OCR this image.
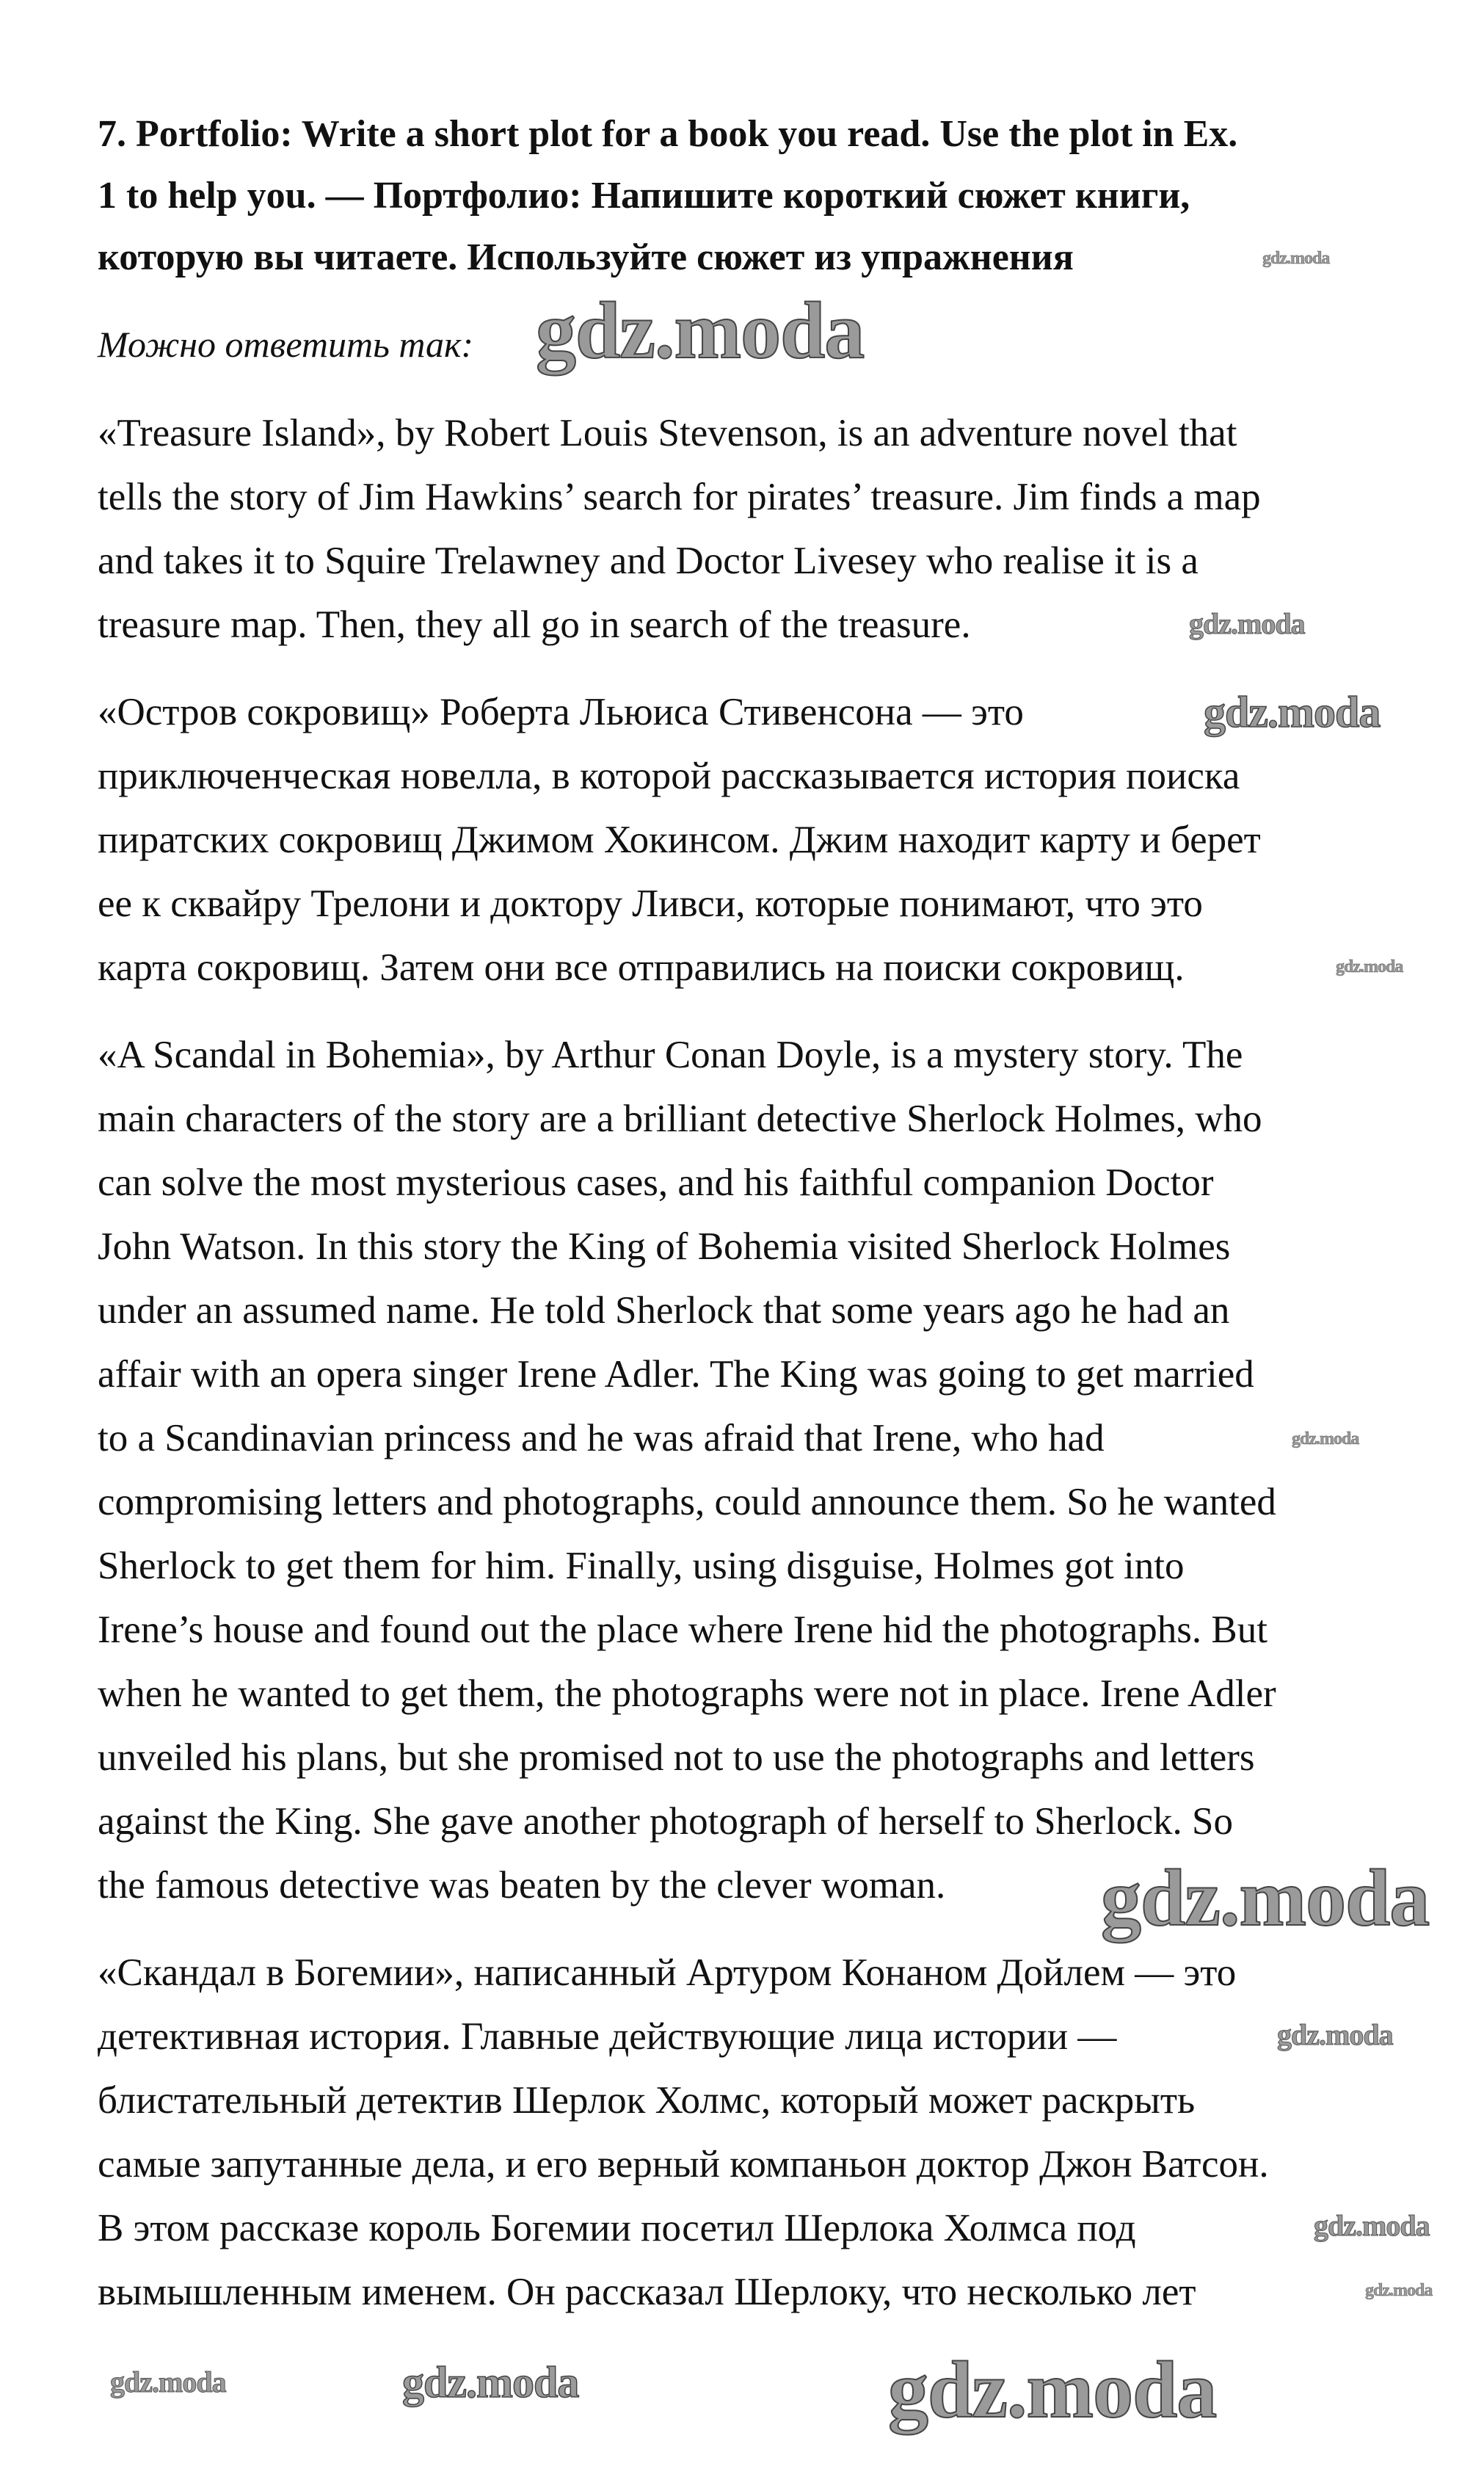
7. Portfolio: Write a short plot for a book you read. Use the plot in Ex.
1 to help you. — Портфолио: Напишите короткий сюжет книги,
которую вы читаете. Используйте сюжет из упражнения
Можно ответить так:
«Treasure Island», by Robert Louis Stevenson, is an adventure novel that
tells the story of Jim Hawkins’ search for pirates’ treasure. Jim finds a map
and takes it to Squire Trelawney and Doctor Livesey who realise it is a
treasure map. Then, they all go in search of the treasure.
«Остров сокровищ» Роберта Льюиса Стивенсона — это
приключенческая новелла, в которой рассказывается история поиска
пиратских сокровищ Джимом Хокинсом. Джим находит карту и берет
ее к сквайру Трелони и доктору Ливси, которые понимают, что это
карта сокровищ. Затем они все отправились на поиски сокровищ.
«A Scandal in Bohemia», by Arthur Conan Doyle, is a mystery story. The
main characters of the story are a brilliant detective Sherlock Holmes, who
can solve the most mysterious cases, and his faithful companion Doctor
John Watson. In this story the King of Bohemia visited Sherlock Holmes
under an assumed name. He told Sherlock that some years ago he had an
affair with an opera singer Irene Adler. The King was going to get married
to a Scandinavian princess and he was afraid that Irene, who had
compromising letters and photographs, could announce them. So he wanted
Sherlock to get them for him. Finally, using disguise, Holmes got into
Irene’s house and found out the place where Irene hid the photographs. But
when he wanted to get them, the photographs were not in place. Irene Adler
unveiled his plans, but she promised not to use the photographs and letters
against the King. She gave another photograph of herself to Sherlock. So
the famous detective was beaten by the clever woman.
«Скандал в Богемии», написанный Артуром Конаном Дойлем — это
детективная история. Главные действующие лица истории —
блистательный детектив Шерлок Холмс, который может раскрыть
самые запутанные дела, и его верный компаньон доктор Джон Ватсон.
В этом рассказе король Богемии посетил Шерлока Холмса под
вымышленным именем. Он рассказал Шерлоку, что несколько лет
gdz.moda
gdz.moda
gdz.moda
gdz.moda
gdz.moda
gdz.moda
gdz.moda
gdz.moda
gdz.moda
gdz.moda
gdz.moda	gdz.moda
gdz.moda
